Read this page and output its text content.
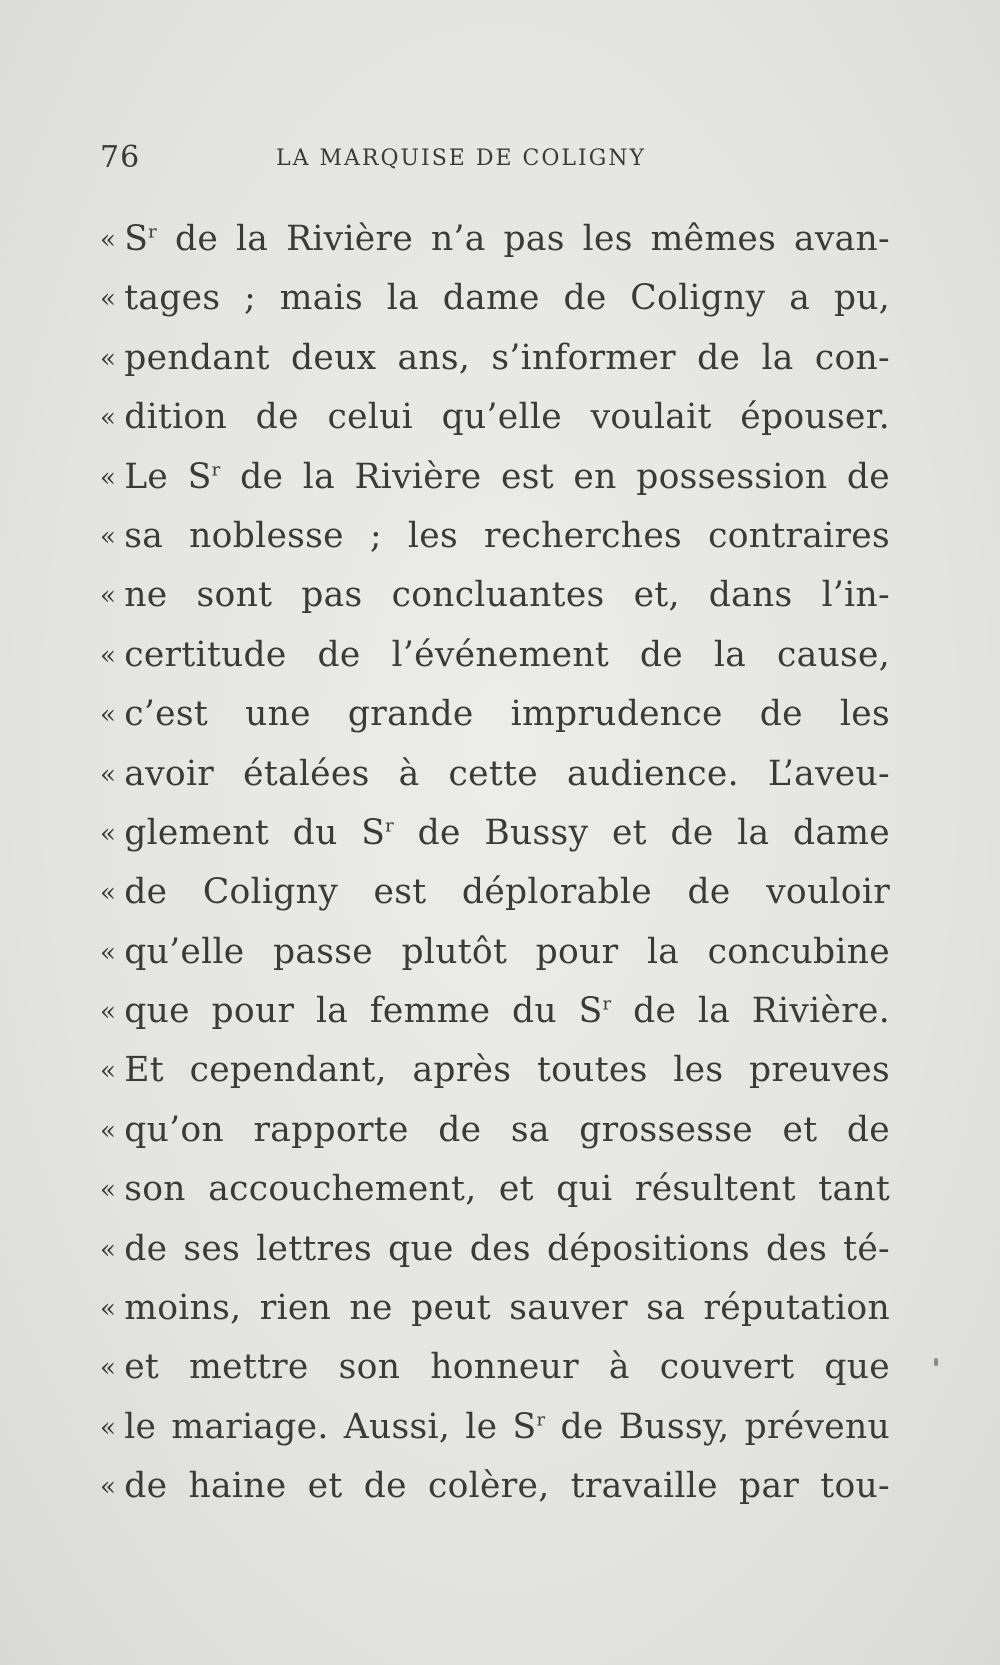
76	LA MARQUISE DE COLIGNY
« $S^r$ de la Rivière n’a pas les mêmes avan-
« tages ; mais la dame de Coligny a pu,
« pendant deux ans, s’informer de la con-
« dition de celui qu’elle voulait épouser.
« Le $S^r$ de la Rivière est en possession de
« sa noblesse ; les recherches contraires
« ne sont pas concluantes et, dans l’in-
« certitude de l’événement de la cause,
« c’est une grande imprudence de les
« avoir étalées à cette audience. L’aveu-
« glement du $S^r$ de Bussy et de la dame
« de Coligny est déplorable de vouloir
« qu’elle passe plutôt pour la concubine
« que pour la femme du $S^r$ de la Rivière.
« Et cependant, après toutes les preuves
« qu’on rapporte de sa grossesse et de
« son accouchement, et qui résultent tant
« de ses lettres que des dépositions des té-
« moins, rien ne peut sauver sa réputation
« et mettre son honneur à couvert que
« le mariage. Aussi, le $S^r$ de Bussy, prévenu
« de haine et de colère, travaille par tou-
